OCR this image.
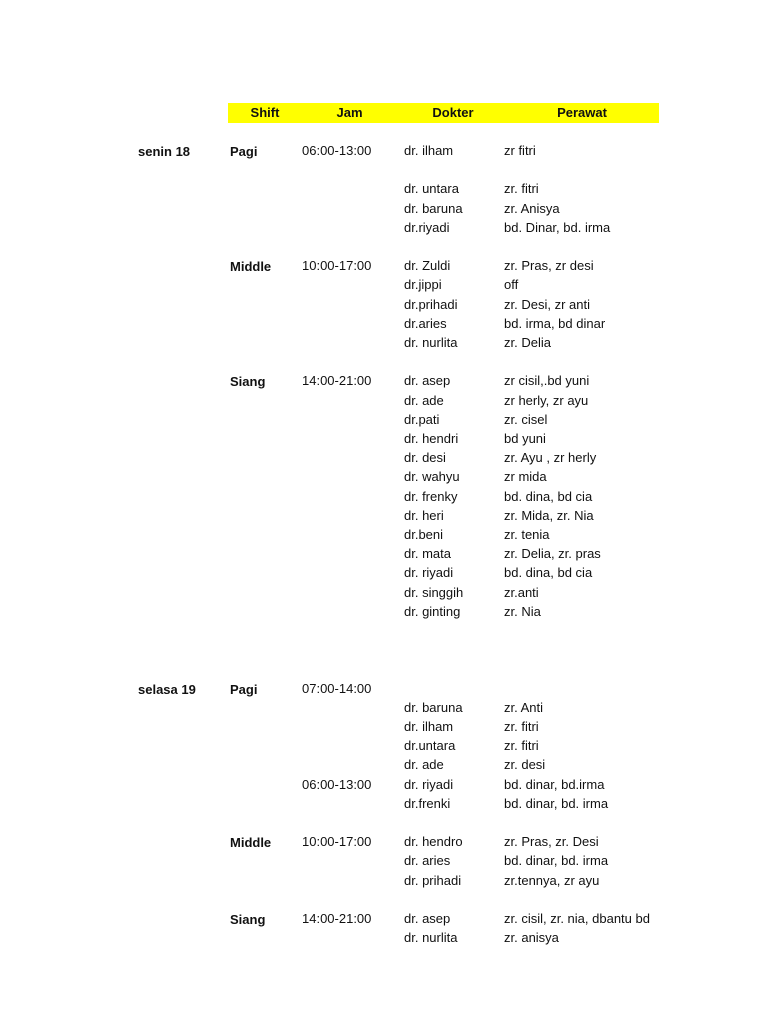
Shift	Jam	Dokter	Perawat
senin 18	Pagi	06:00-13:00	dr. ilham	zr fitri
dr. untara	zr. fitri
dr. baruna	zr. Anisya
dr.riyadi	bd. Dinar, bd. irma
Middle	10:00-17:00	dr. Zuldi	zr. Pras, zr desi
dr.jippi	off
dr.prihadi	zr. Desi, zr anti
dr.aries	bd. irma, bd dinar
dr. nurlita	zr. Delia
Siang	14:00-21:00	dr. asep	zr cisil,.bd yuni
dr. ade	zr herly, zr ayu
dr.pati	zr. cisel
dr. hendri	bd yuni
dr. desi	zr. Ayu , zr herly
dr. wahyu	zr mida
dr. frenky	bd. dina, bd cia
dr. heri	zr. Mida, zr. Nia
dr.beni	zr. tenia
dr. mata	zr. Delia, zr. pras
dr. riyadi	bd. dina, bd cia
dr. singgih	zr.anti
dr. ginting	zr. Nia
selasa 19	Pagi	07:00-14:00
dr. baruna	zr. Anti
dr. ilham	zr. fitri
dr.untara	zr. fitri
dr. ade	zr. desi
06:00-13:00	dr. riyadi	bd. dinar, bd.irma
dr.frenki	bd. dinar, bd. irma
Middle	10:00-17:00	dr. hendro	zr. Pras, zr. Desi
dr. aries	bd. dinar, bd. irma
dr. prihadi	zr.tennya, zr ayu
Siang	14:00-21:00	dr. asep	zr. cisil, zr. nia, dbantu bd
dr. nurlita	zr. anisya
